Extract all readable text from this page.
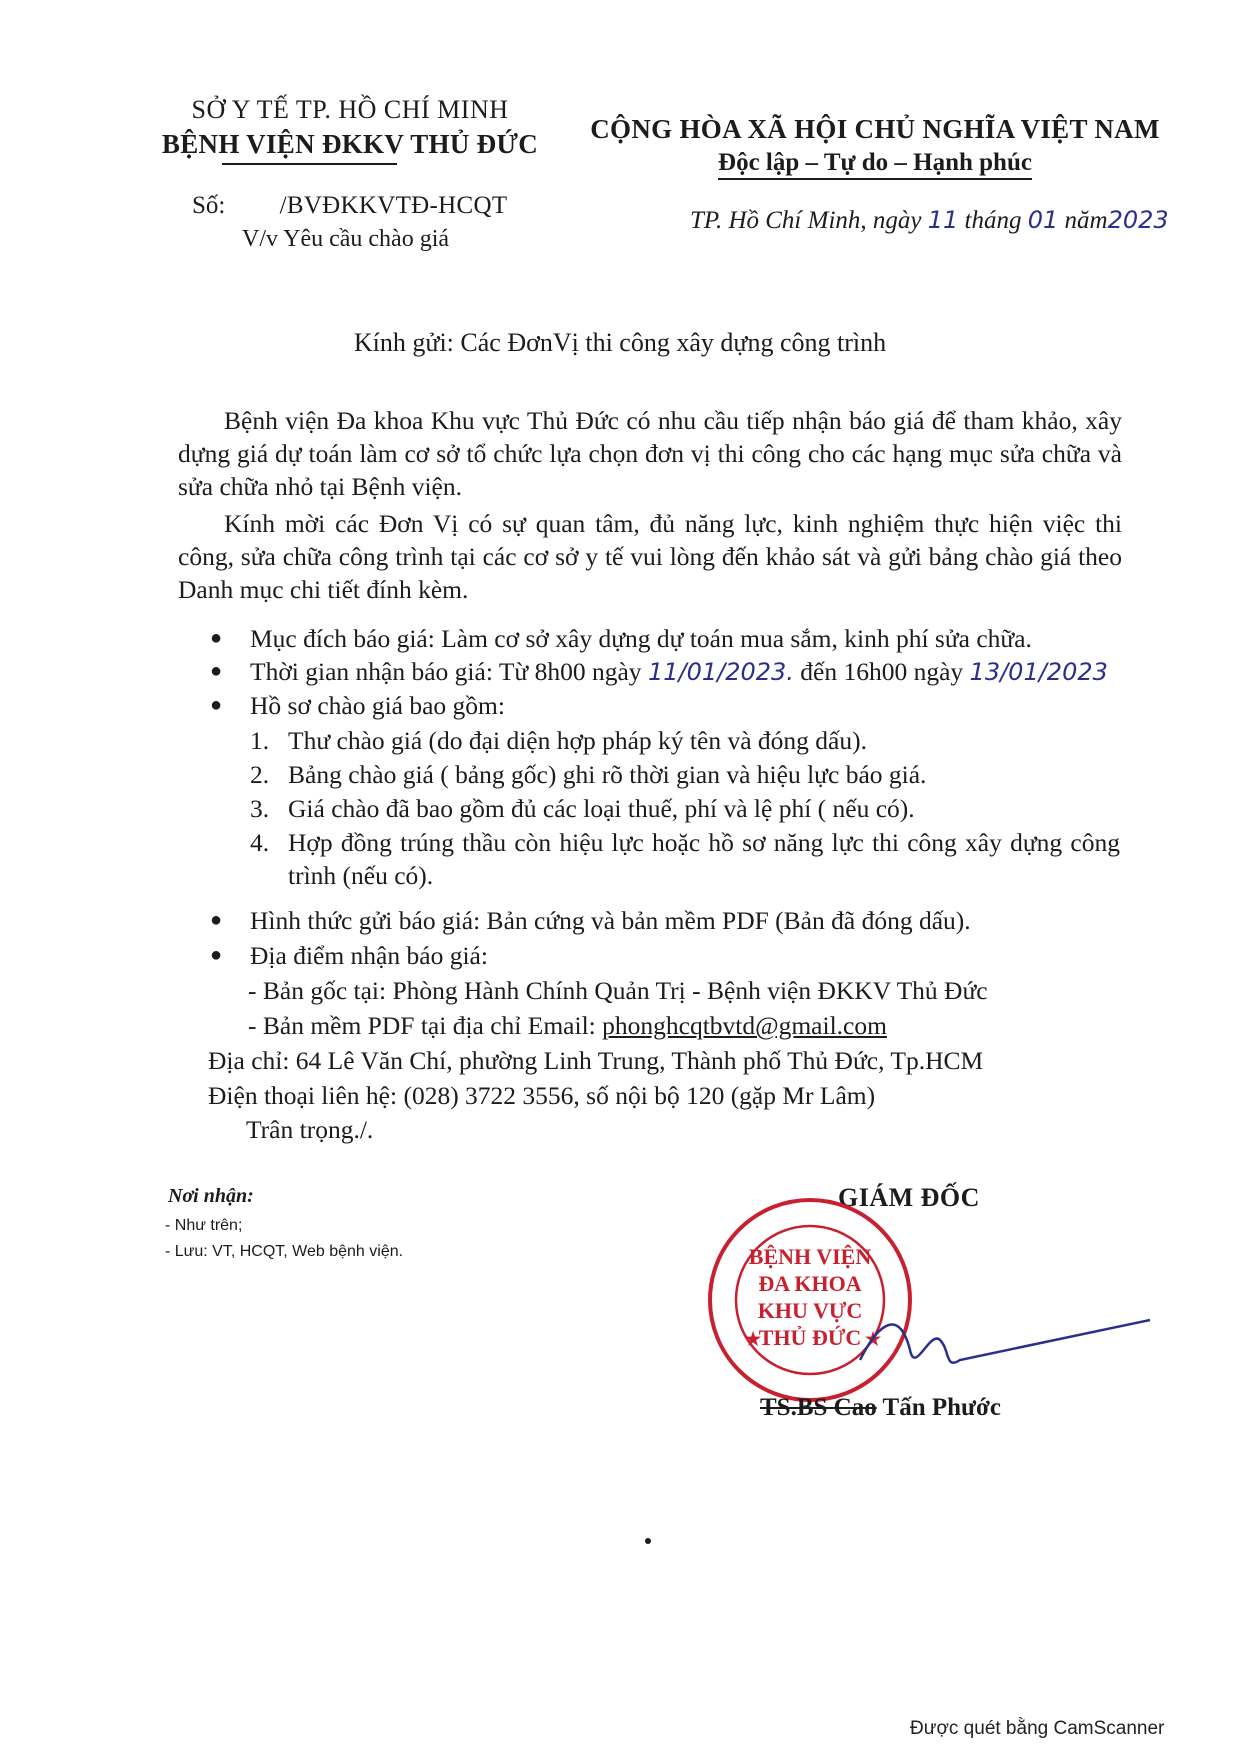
SỞ Y TẾ TP. HỒ CHÍ MINH
BỆNH VIỆN ĐKKV THỦ ĐỨC	CỘNG HÒA XÃ HỘI CHỦ NGHĨA VIỆT NAM
Độc lập – Tự do – Hạnh phúc
Số: /BVĐKKVTĐ-HCQT
V/v Yêu cầu chào giá
TP. Hồ Chí Minh, ngày 11 tháng 01 năm2023
Kính gửi: Các ĐơnVị thi công xây dựng công trình
Bệnh viện Đa khoa Khu vực Thủ Đức có nhu cầu tiếp nhận báo giá để tham khảo, xây dựng giá dự toán làm cơ sở tổ chức lựa chọn đơn vị thi công cho các hạng mục sửa chữa và sửa chữa nhỏ tại Bệnh viện.
Kính mời các Đơn Vị có sự quan tâm, đủ năng lực, kinh nghiệm thực hiện việc thi công, sửa chữa công trình tại các cơ sở y tế vui lòng đến khảo sát và gửi bảng chào giá theo Danh mục chi tiết đính kèm.
● Mục đích báo giá: Làm cơ sở xây dựng dự toán mua sắm, kinh phí sửa chữa.
● Thời gian nhận báo giá: Từ 8h00 ngày 11/01/2023. đến 16h00 ngày 13/01/2023
● Hồ sơ chào giá bao gồm:
1. Thư chào giá (do đại diện hợp pháp ký tên và đóng dấu).
2. Bảng chào giá ( bảng gốc) ghi rõ thời gian và hiệu lực báo giá.
3. Giá chào đã bao gồm đủ các loại thuế, phí và lệ phí ( nếu có).
4. Hợp đồng trúng thầu còn hiệu lực hoặc hồ sơ năng lực thi công xây dựng công trình (nếu có).
● Hình thức gửi báo giá: Bản cứng và bản mềm PDF (Bản đã đóng dấu).
● Địa điểm nhận báo giá:
- Bản gốc tại: Phòng Hành Chính Quản Trị - Bệnh viện ĐKKV Thủ Đức
- Bản mềm PDF tại địa chỉ Email: phonghcqtbvtd@gmail.com
Địa chỉ: 64 Lê Văn Chí, phường Linh Trung, Thành phố Thủ Đức, Tp.HCM
Điện thoại liên hệ: (028) 3722 3556, số nội bộ 120 (gặp Mr Lâm)
Trân trọng./.
Nơi nhận:
- Như trên;
- Lưu: VT, HCQT, Web bệnh viện.
GIÁM ĐỐC
★	★
BỆNH VIỆN
ĐA KHOA
KHU VỰC
THỦ ĐỨC
TS.BS Cao Tấn Phước
Được quét bằng CamScanner
